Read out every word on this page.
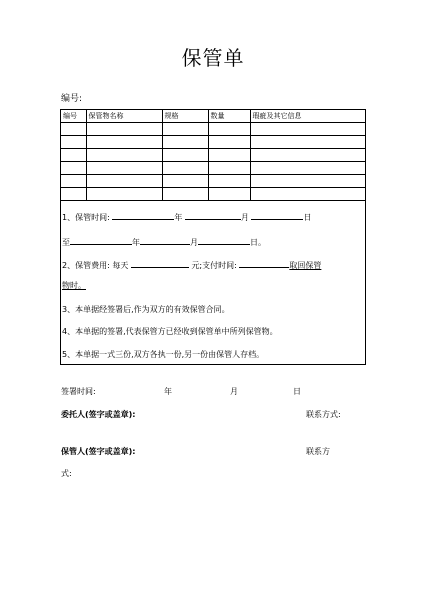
保管单
编号:
编号	保管物名称	规格	数量	瑕疵及其它信息

1、保管时间:	年	月	日
至	年	月	日。
2、保管费用: 每天	元;支付时间:	取回保管
物时。
3、本单据经签署后,作为双方的有效保管合同。
4、本单据的签署,代表保管方已经收到保管单中所列保管物。
5、本单据一式三份,双方各执一份,另一份由保管人存档。
签署时间:	年	月	日
委托人(签字或盖章):	联系方式:
保管人(签字或盖章):	联系方
式:
